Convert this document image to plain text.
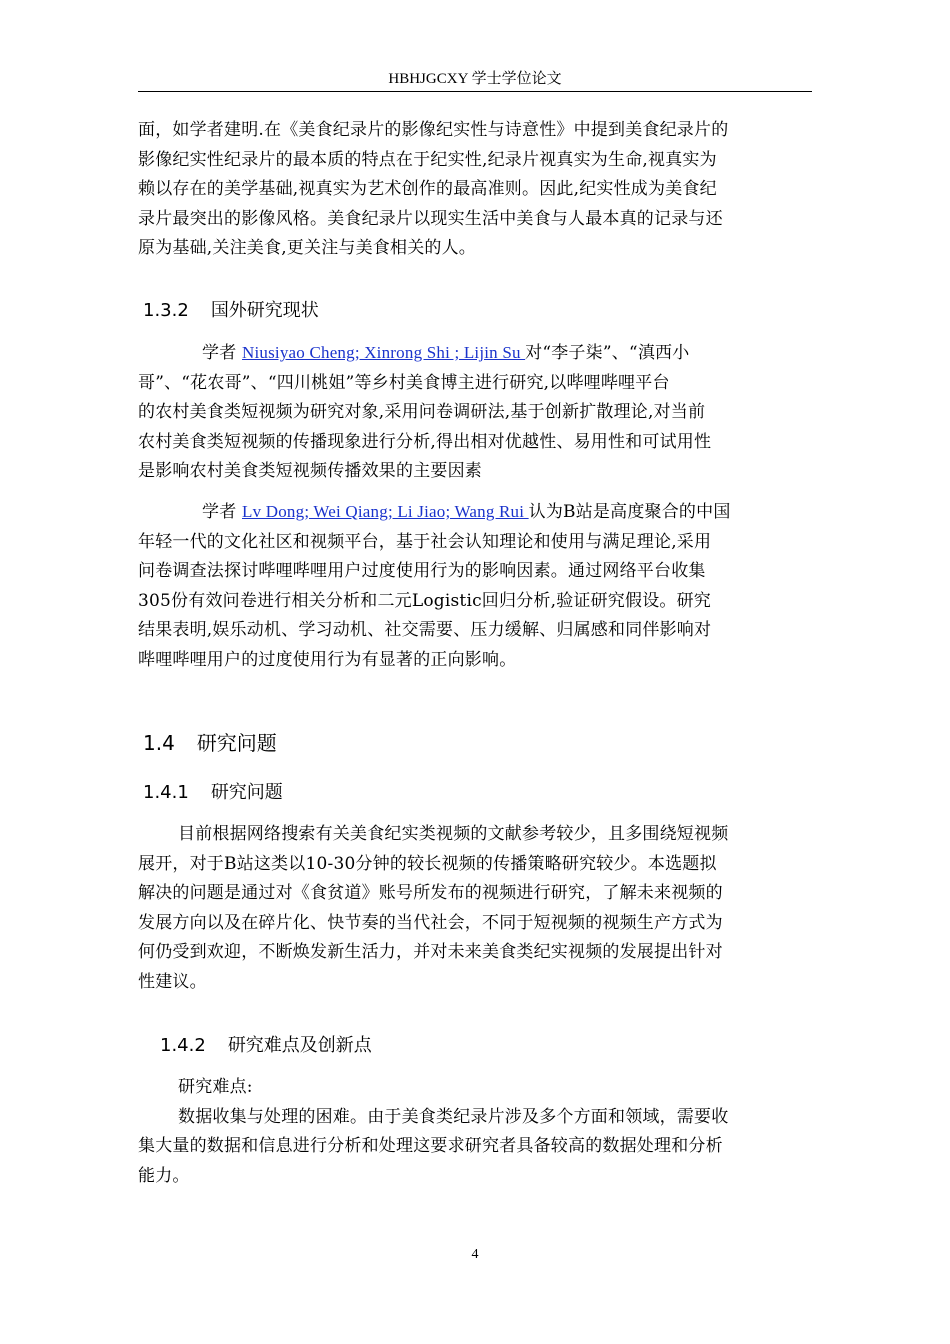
HBHJGCXY 学士学位论文
面，如学者建明.在《美食纪录片的影像纪实性与诗意性》中提到美食纪录片的
影像纪实性纪录片的最本质的特点在于纪实性,纪录片视真实为生命,视真实为
赖以存在的美学基础,视真实为艺术创作的最高准则。因此,纪实性成为美食纪
录片最突出的影像风格。美食纪录片以现实生活中美食与人最本真的记录与还
原为基础,关注美食,更关注与美食相关的人。
1.3.2 国外研究现状
学者 Niusiyao Cheng; Xinrong Shi ; Lijin Su 对“李子柒”、“滇西小
哥”、“花农哥”、“四川桃姐”等乡村美食博主进行研究,以哔哩哔哩平台
的农村美食类短视频为研究对象,采用问卷调研法,基于创新扩散理论,对当前
农村美食类短视频的传播现象进行分析,得出相对优越性、易用性和可试用性
是影响农村美食类短视频传播效果的主要因素
学者 Lv Dong; Wei Qiang; Li Jiao; Wang Rui 认为B站是高度聚合的中国
年轻一代的文化社区和视频平台，基于社会认知理论和使用与满足理论,采用
问卷调查法探讨哔哩哔哩用户过度使用行为的影响因素。通过网络平台收集
305份有效问卷进行相关分析和二元Logistic回归分析,验证研究假设。研究
结果表明,娱乐动机、学习动机、社交需要、压力缓解、归属感和同伴影响对
哔哩哔哩用户的过度使用行为有显著的正向影响。
1.4 研究问题
1.4.1 研究问题
目前根据网络搜索有关美食纪实类视频的文献参考较少，且多围绕短视频
展开，对于B站这类以10-30分钟的较长视频的传播策略研究较少。本选题拟
解决的问题是通过对《食贫道》账号所发布的视频进行研究，了解未来视频的
发展方向以及在碎片化、快节奏的当代社会，不同于短视频的视频生产方式为
何仍受到欢迎，不断焕发新生活力，并对未来美食类纪实视频的发展提出针对
性建议。
1.4.2 研究难点及创新点
研究难点:
数据收集与处理的困难。由于美食类纪录片涉及多个方面和领域，需要收
集大量的数据和信息进行分析和处理这要求研究者具备较高的数据处理和分析
能力。
4
